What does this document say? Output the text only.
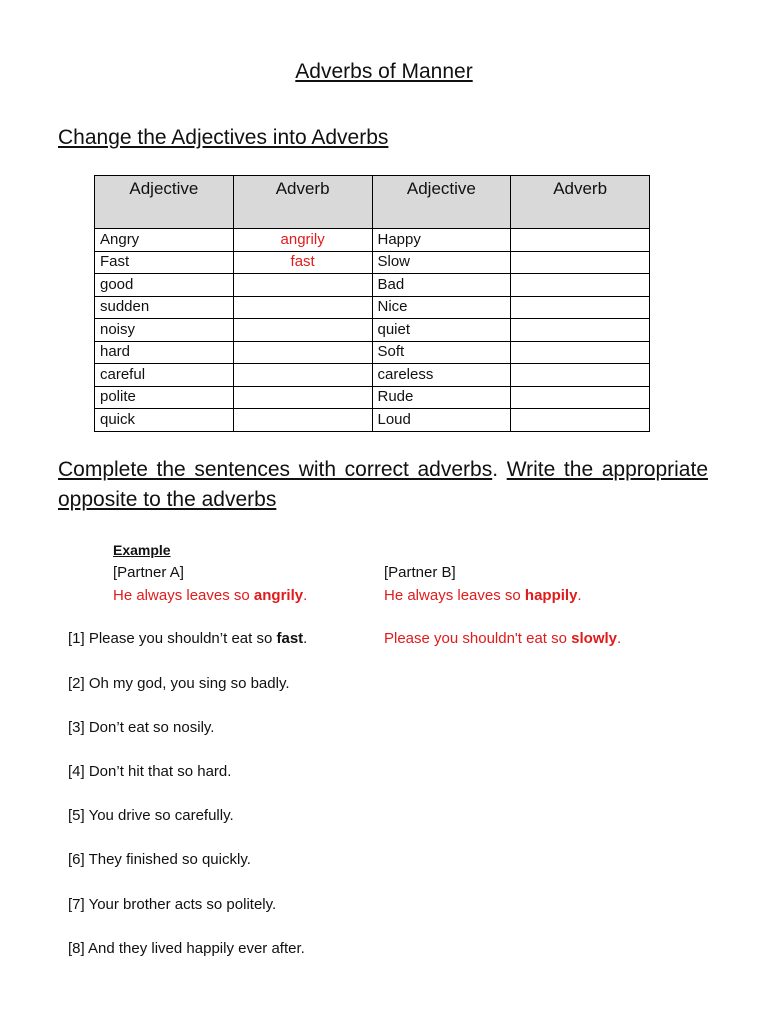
Adverbs of Manner
Change the Adjectives into Adverbs
Adjective	Adverb	Adjective	Adverb
Angry	angrily	Happy	
Fast	fast	Slow	
good		Bad	
sudden		Nice	
noisy		quiet	
hard		Soft	
careful		careless	
polite		Rude	
quick		Loud	
Complete the sentences with correct adverbs. Write the appropriate opposite to the adverbs
Example
[Partner A]	[Partner B]
He always leaves so angrily.	He always leaves so happily.
[1] Please you shouldn’t eat so fast.	Please you shouldn't eat so slowly.
[2] Oh my god, you sing so badly.
[3] Don’t eat so nosily.
[4] Don’t hit that so hard.
[5] You drive so carefully.
[6] They finished so quickly.
[7] Your brother acts so politely.
[8] And they lived happily ever after.
